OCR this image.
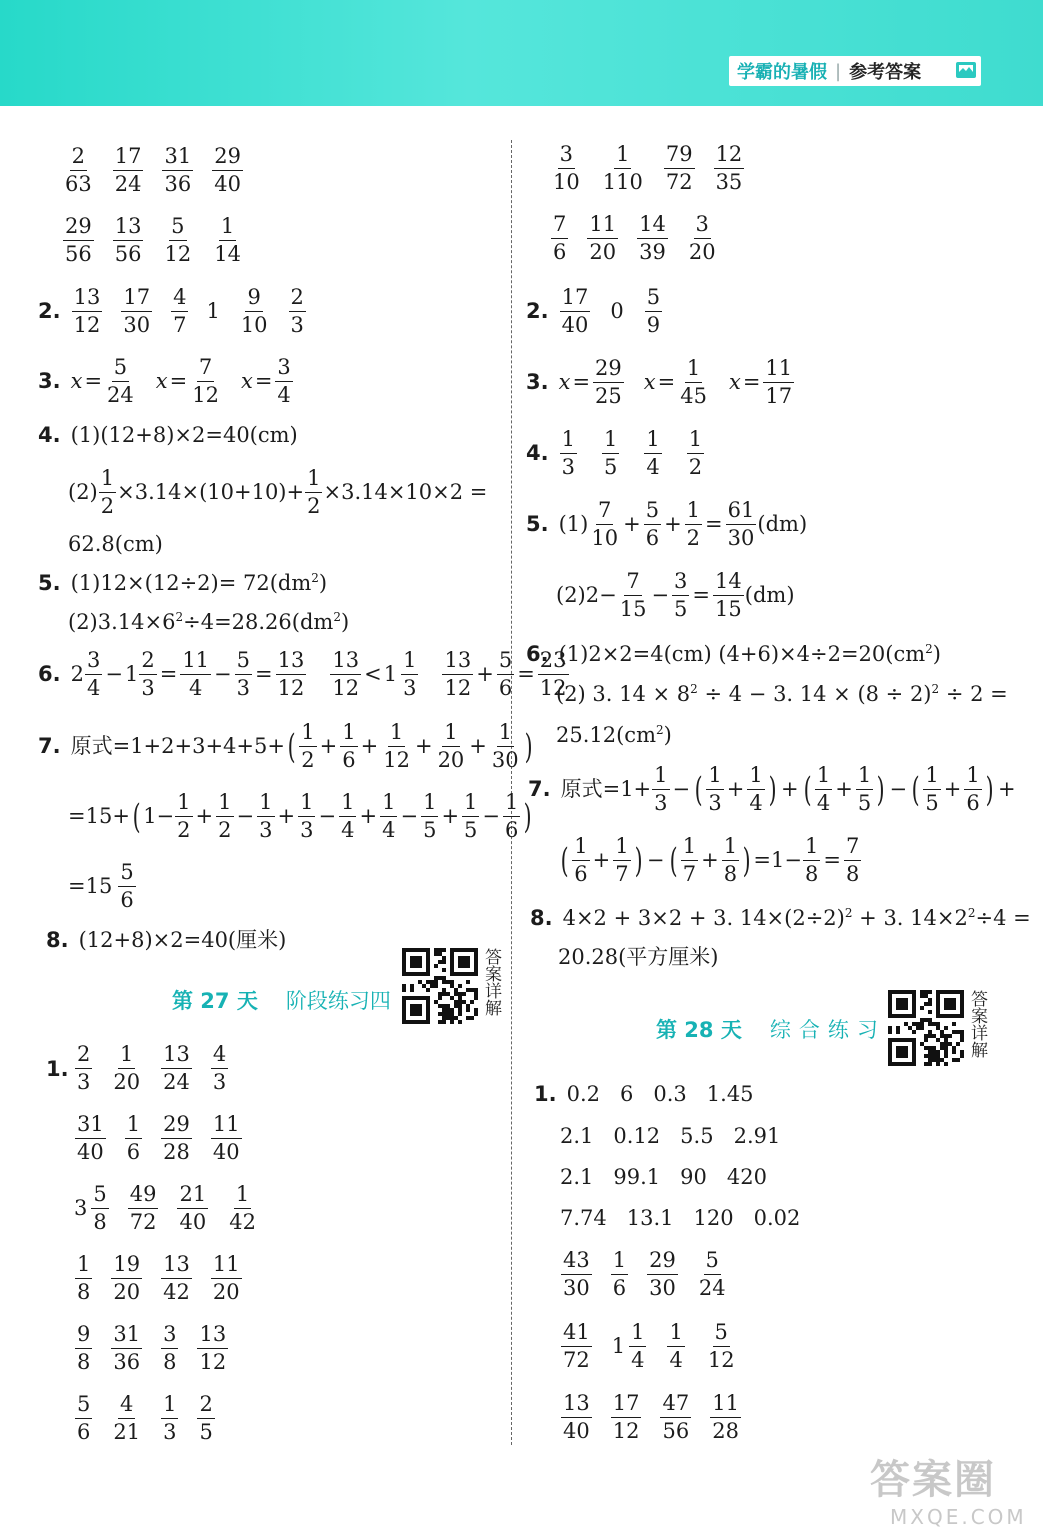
学霸的暑假 | 参考答案
$\frac{2}{63} \frac{17}{24} \frac{31}{36} \frac{29}{40}$
$\frac{29}{56} \frac{13}{56} \frac{5}{12} \frac{1}{14}$
2. $\frac{13}{12} \frac{17}{30} \frac{4}{7} 1 \frac{9}{10} \frac{2}{3}$
3. $x = \frac{5}{24}$ $x = \frac{7}{12}$ $x = \frac{3}{4}$
4. (1)(12+8)×2=40(cm)
$(2) \frac{1}{2} \times 3.14\times(10+10)+ \frac{1}{2} \times 3.14\times 10\times 2$ =
62.8(cm)
5. $(1)12\times(12\div 2)= 72(dm^2)$
$(2)3.14\times 6^2\div 4=28.26(dm^2)$
6. $2 \frac{3}{4} - 1 \frac{2}{3} = \frac{11}{4} - \frac{5}{3} = \frac{13}{12} \frac{13}{12} < 1 \frac{1}{3} \frac{13}{12} + \frac{5}{6} = \frac{23}{12}$
7. 原式 =1+2+3+4+5+ ( $\frac{1}{2} + \frac{1}{6} + \frac{1}{12} + \frac{1}{20} + \frac{1}{30}$ )
=15+ ( $1- \frac{1}{2} + \frac{1}{2} - \frac{1}{3} + \frac{1}{3} - \frac{1}{4} + \frac{1}{4} - \frac{1}{5} + \frac{1}{5} - \frac{1}{6}$ )
$=15 \frac{5}{6}$
8. (12+8)×2=40(厘米)
第 27 天 阶段练习四	答案详解
1. $\frac{2}{3} \frac{1}{20} \frac{13}{24} \frac{4}{3}$
$\frac{31}{40} \frac{1}{6} \frac{29}{28} \frac{11}{40}$
$3 \frac{5}{8} \frac{49}{72} \frac{21}{40} \frac{1}{42}$
$\frac{1}{8} \frac{19}{20} \frac{13}{42} \frac{11}{20}$
$\frac{9}{8} \frac{31}{36} \frac{3}{8} \frac{13}{12}$
$\frac{5}{6} \frac{4}{21} \frac{1}{3} \frac{2}{5}$
$\frac{3}{10} \frac{1}{110} \frac{79}{72} \frac{12}{35}$
$\frac{7}{6} \frac{11}{20} \frac{14}{39} \frac{3}{20}$
2. $\frac{17}{40} 0 \frac{5}{9}$
3. $x = \frac{29}{25}$ $x = \frac{1}{45}$ $x = \frac{11}{17}$
4. $\frac{1}{3} \frac{1}{5} \frac{1}{4} \frac{1}{2}$
5. $(1) \frac{7}{10} + \frac{5}{6} + \frac{1}{2} = \frac{61}{30} (dm)$
$(2)2- \frac{7}{15} - \frac{3}{5} = \frac{14}{15} (dm)$
6. (1)2×2=4(cm) $(4+6)\times 4\div 2=20(cm^2)$
(2) 3. $14 \times 8^2 \div 4 - 3$. $14 \times (8 \div 2)^2 \div 2$ =
$25.12(cm^2)$
7. 原式 $=1+ \frac{1}{3}$ − ( $\frac{1}{3} + \frac{1}{4}$ ) + ( $\frac{1}{4} + \frac{1}{5}$ ) − ( $\frac{1}{5} + \frac{1}{6}$ ) +
( $\frac{1}{6} + \frac{1}{7}$ ) − ( $\frac{1}{7} + \frac{1}{8}$ ) $=1- \frac{1}{8} = \frac{7}{8}$
8. 4×2 + 3×2 + 3. $14\times(2\div 2)^2 + 3$. $14\times 2^2\div 4$ =
20.28(平方厘米)
第 28 天 综合练习	答案详解
1. 0.2 6 0.3 1.45
2.1 0.12 5.5 2.91
2.1 99.1 90 420
7.74 13.1 120 0.02
$\frac{43}{30} \frac{1}{6} \frac{29}{30} \frac{5}{24}$
$\frac{41}{72} 1 \frac{1}{4} \frac{1}{4} \frac{5}{12}$
$\frac{13}{40} \frac{17}{12} \frac{47}{56} \frac{11}{28}$
答案圈
MXQE.COM
